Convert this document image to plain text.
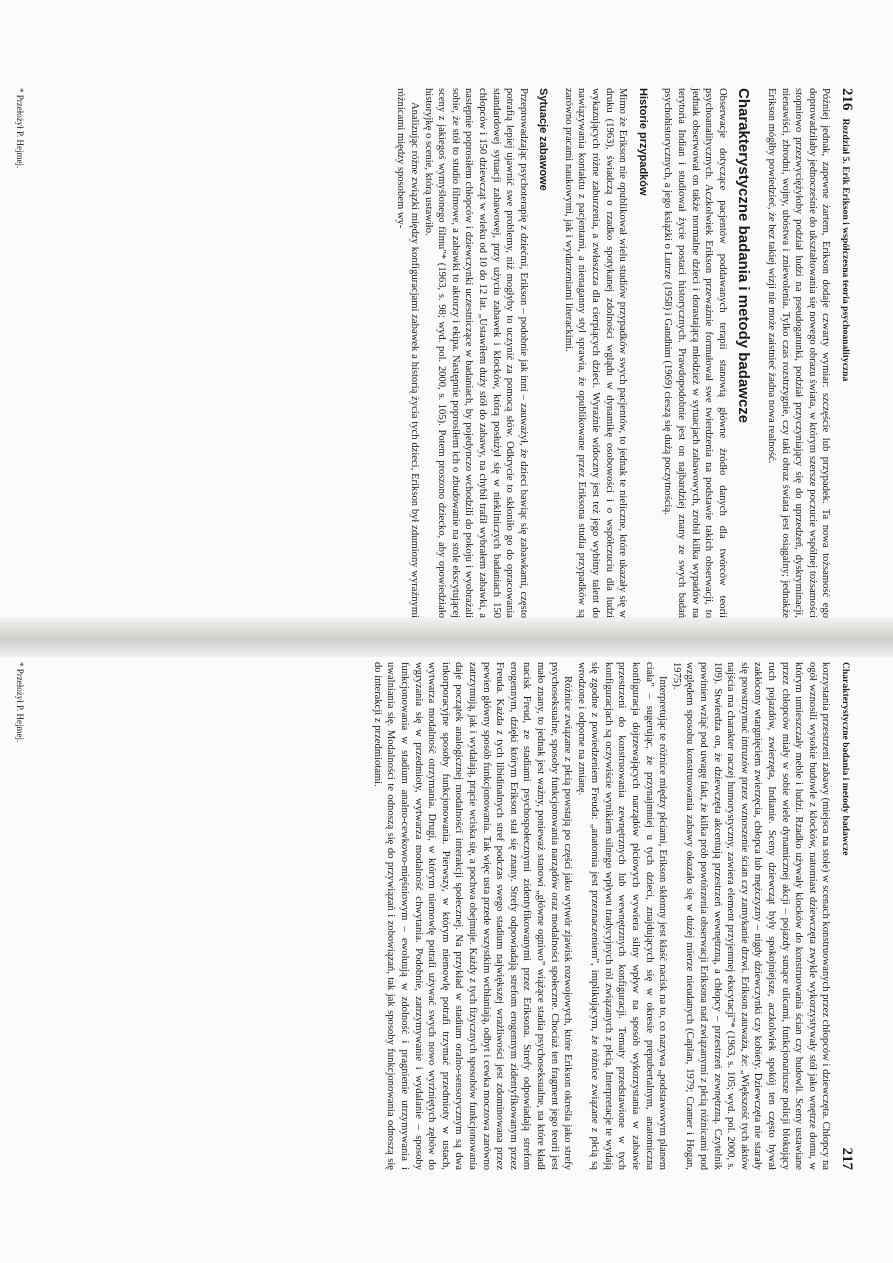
216
Rozdział 5. Erik Erikson i współczesna teoria psychoanalityczna

Później jednak, zapewne żartem, Erikson dodaje czwarty wymiar: szczęście lub przypadek. Ta nowa tożsamość ego doprowadziłaby jednocześnie do ukształtowania się nowego obrazu świata, w którym szersze poczucie wspólnej tożsamości stopniowo przezwyciężyłoby podział ludzi na pseudogatunki, podział przyczyniający się do uprzedzeń, dyskryminacji, nienawiści, zbrodni, wojny, ubóstwa i zniewolenia. Tylko czas rozstrzygnie, czy taki obraz świata jest osiągalny; jednakże Erikson mógłby powiedzieć, że bez takiej wizji nie może zaistnieć żadna nowa realność.

Charakterystyczne badania i metody badawcze

Obserwacje dotyczące pacjentów poddawanych terapii stanowią główne źródło danych dla twórców teorii psychoanalitycznych. Aczkolwiek Erikson przeważnie formułował swe twierdzenia na podstawie takich obserwacji, to jednak obserwował on także normalne dzieci i dorastającą młodzież w sytuacjach zabawowych, zrobił kilka wypadów na terytoria Indian i studiował życie postaci historycznych. Prawdopodobnie jest on najbardziej znany ze swych badań psychohistorycznych, a jego książki o Lutrze (1958) i Gandhim (1969) cieszą się dużą poczytnością.

Historie przypadków

Mimo że Erikson nie opublikował wielu studiów przypadków swych pacjentów, to jednak te nieliczne, które ukazały się w druku (1963), świadczą o rzadko spotykanej zdolności wglądu w dynamikę osobowości i o współczuciu dla ludzi wykazujących różne zaburzenia, a zwłaszcza dla cierpiących dzieci. Wyraźnie widoczny jest też jego wybitny talent do nawiązywania kontaktu z pacjentami, a nienaganny styl sprawia, że opublikowane przez Eriksona studia przypadków są zarówno pracami naukowymi, jak i wydarzeniami literackimi.

Sytuacje zabawowe

Przeprowadzając psychoterapię z dziećmi, Erikson – podobnie jak inni – zauważył, że dzieci bawiąc się zabawkami, często potrafią lepiej ujawnić swe problemy, niż mogłyby to uczynić za pomocą słów. Odkrycie to skłoniło go do opracowania standardowej sytuacji zabawowej, przy użyciu zabawek i klocków, którą posłużył się w niekliniczych badaniach 150 chłopców i 150 dziewcząt w wieku od 10 do 12 lat. „Ustawiłem duży stół do zabawy, na chybił trafił wybrałem zabawki, a następnie poprosiłem chłopców i dziewczynki uczestniczące w badaniach, by pojedynczo wchodzili do pokoju i wyobrażali sobie, że stół to studio filmowe, a zabawki to aktorzy i ekipa. Następnie poprosiłem ich o zbudowanie na stole ekscytującej sceny z jakiegoś wymyślonego filmu”* (1963, s. 98; wyd. pol. 2000, s. 105). Potem proszono dziecko, aby opowiedziało historyjkę o scenie, którą ustawiło.

Analizując różne związki między konfiguracjami zabawek a historią życia tych dzieci, Erikson był zdumiony wyraźnymi różnicami między sposobem wy-

* Przełożył P. Hejmej.
Charakterystyczne badania i metody badawcze
217

korzystania przestrzeni zabawy (miejsca na stole) w scenach konstruowanych przez chłopców i dziewczęta. Chłopcy na ogół wznosili wysokie budowle z klocków, natomiast dziewczęta zwykle wykorzystywały stół jako wnętrze domu, w którym umieszczały meble i ludzi. Rzadko używały klocków do konstruowania ścian czy budowli. Sceny ustawiane przez chłopców miały w sobie wiele dynamicznej akcji – pojazdy sunące ulicami, funkcjonariusze policji blokujący ruch pojazdów, zwierzęta, Indianie. Sceny dziewcząt były spokojniejsze, aczkolwiek spokój ten często bywał zakłócony wtargnięciem zwierzęcia, chłopca lub mężczyzny – nigdy dziewczynki czy kobiety. Dziewczęta nie starały się powstrzymać intruzów przez wznoszenie ścian czy zamykanie drzwi. Erikson zauważa, że: „Większość tych aktów najścia ma charakter raczej humorystyczny, zawiera element przyjemnej ekscytacji”* (1963, s. 105; wyd. pol. 2000, s. 109). Stwierdza on, że dziewczęta akcentują przestrzeń wewnętrzną, a chłopcy – przestrzeń zewnętrzną. Czytelnik powinien wziąć pod uwagę fakt, że kilka prób powtórzenia obserwacji Eriksona nad związanymi z płcią różnicami pod względem sposobu konstruowania zabawy okazało się w dużej mierze nieudanych (Caplan, 1979; Cramer i Hogan, 1975).

Interpretując te różnice między płciami, Erikson skłonny jest kłaść nacisk na to, co nazywa „podstawowym planem ciała” – sugerując, że przynajmniej u tych dzieci, znajdujących się w okresie prepubertalnym, anatomiczna konfiguracja dojrzewających narządów płciowych wywiera silny wpływ na sposób wykorzystania w zabawie przestrzeni do konstruowania zewnętrznych lub wewnętrznych konfiguracji. Tematy przedstawione w tych konfiguracjach są oczywiście wynikiem silnego wpływu tradycyjnych ról związanych z płcią. Interpretacje te wydają się zgodne z powiedzeniem Freuda: „anatomia jest przeznaczeniem”, implikującym, że różnice związane z płcią są wrodzone i odporne na zmianę.

Różnice związane z płcią powstają po części jako wytwór zjawisk rozwojowych, które Erikson określa jako strefy psychoseksualne, sposoby funkcjonowania narządów oraz modalności społeczne. Chociaż ten fragment jego teorii jest mało znany, to jednak jest ważny, ponieważ stanowi „główne ogniwo” wiążące stadia psychoseksualne, na które kładł nacisk Freud, ze stadiami psychospołecznymi zidentyfikowanymi przez Eriksona. Strefy odpowiadają strefom erogennym, dzięki którym Erikson stał się znany. Strefy odpowiadają strefom erogennym zidentyfikowanym przez Freuda. Każda z tych libidinalnych stref podczas swego stadium największej wrażliwości jest zdominowana przez pewien główny sposób funkcjonowania. Tak więc usta przede wszystkim wchłaniają, odbyt i cewka moczowa zarówno zatrzymują, jak i wydalają, prącie wciska się, a pochwa obejmuje. Każdy z tych fizycznych sposobów funkcjonowania daje początek analogicznej modalności interakcji społecznej. Na przykład w stadium oralno-sensorycznym są dwa inkorporacyjne sposoby funkcjonowania. Pierwszy, w którym niemowlę potrafi trzymać przedmioty w ustach, wytwarza modalność otrzymania. Drugi, w którym niemowlę potrafi używać swych nowo wyrżniętych zębów do wgryzania się w przedmioty, wytwarza modalność chwytania. Podobnie, zatrzymywanie i wydalanie – sposoby funkcjonowania w stadium analno-cewkowo-mięśniowym – ewoluują w zdolność i pragnienie utrzymywania i uwalniania się. Modalności te odnoszą się do przywiązań i zobowiązań, tak jak sposoby funkcjonowania odnoszą się do interakcji z przedmiotami.

* Przełożył P. Hejmej.
